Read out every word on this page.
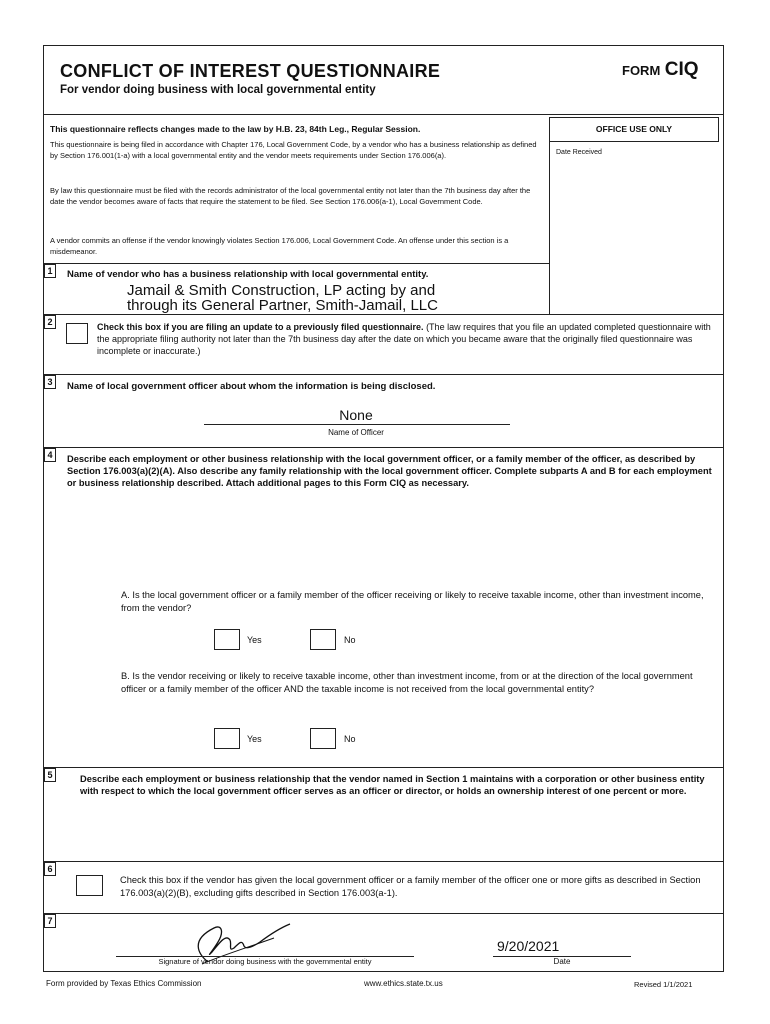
CONFLICT OF INTEREST QUESTIONNAIRE
For vendor doing business with local governmental entity
FORM CIQ
This questionnaire reflects changes made to the law by H.B. 23, 84th Leg., Regular Session.
This questionnaire is being filed in accordance with Chapter 176, Local Government Code, by a vendor who has a business relationship as defined by Section 176.001(1-a) with a local governmental entity and the vendor meets requirements under Section 176.006(a).
By law this questionnaire must be filed with the records administrator of the local governmental entity not later than the 7th business day after the date the vendor becomes aware of facts that require the statement to be filed. See Section 176.006(a-1), Local Government Code.
A vendor commits an offense if the vendor knowingly violates Section 176.006, Local Government Code. An offense under this section is a misdemeanor.
OFFICE USE ONLY
Date Received
1	Name of vendor who has a business relationship with local governmental entity.
Jamail & Smith Construction, LP acting by and
through its General Partner, Smith-Jamail, LLC
2	Check this box if you are filing an update to a previously filed questionnaire. (The law requires that you file an updated completed questionnaire with the appropriate filing authority not later than the 7th business day after the date on which you became aware that the originally filed questionnaire was incomplete or inaccurate.)
3	Name of local government officer about whom the information is being disclosed.
None
Name of Officer
4	Describe each employment or other business relationship with the local government officer, or a family member of the officer, as described by Section 176.003(a)(2)(A). Also describe any family relationship with the local government officer. Complete subparts A and B for each employment or business relationship described. Attach additional pages to this Form CIQ as necessary.
A. Is the local government officer or a family member of the officer receiving or likely to receive taxable income, other than investment income, from the vendor?
Yes	No
B. Is the vendor receiving or likely to receive taxable income, other than investment income, from or at the direction of the local government officer or a family member of the officer AND the taxable income is not received from the local governmental entity?
Yes	No
5	Describe each employment or business relationship that the vendor named in Section 1 maintains with a corporation or other business entity with respect to which the local government officer serves as an officer or director, or holds an ownership interest of one percent or more.
6
Check this box if the vendor has given the local government officer or a family member of the officer one or more gifts as described in Section 176.003(a)(2)(B), excluding gifts described in Section 176.003(a-1).
7
Signature of vendor doing business with the governmental entity
9/20/2021
Date
Form provided by Texas Ethics Commission	www.ethics.state.tx.us	Revised 1/1/2021
